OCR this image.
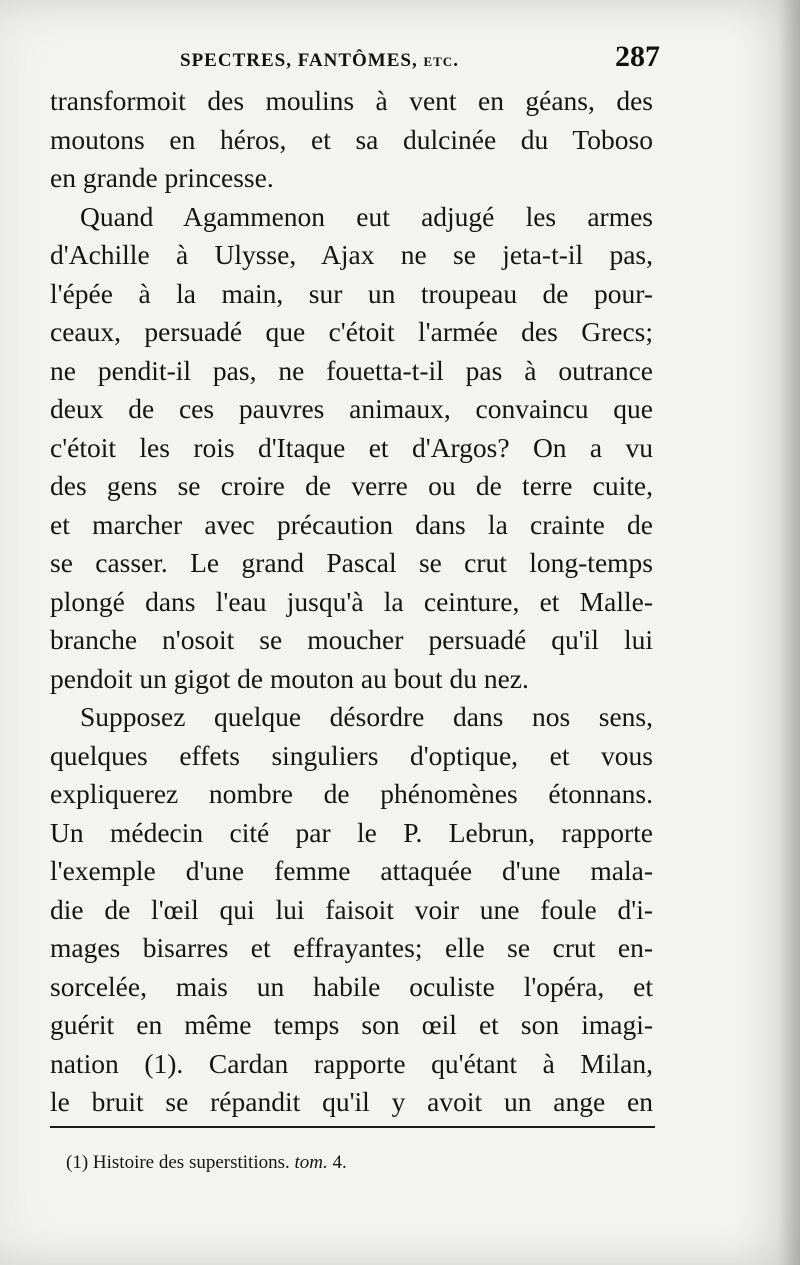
SPECTRES, FANTÔMES, etc.	287
transformoit des moulins à vent en géans, des
moutons en héros, et sa dulcinée du Toboso
en grande princesse.
Quand Agammenon eut adjugé les armes
d'Achille à Ulysse, Ajax ne se jeta-t-il pas,
l'épée à la main, sur un troupeau de pour-
ceaux, persuadé que c'étoit l'armée des Grecs;
ne pendit-il pas, ne fouetta-t-il pas à outrance
deux de ces pauvres animaux, convaincu que
c'étoit les rois d'Itaque et d'Argos? On a vu
des gens se croire de verre ou de terre cuite,
et marcher avec précaution dans la crainte de
se casser. Le grand Pascal se crut long-temps
plongé dans l'eau jusqu'à la ceinture, et Malle-
branche n'osoit se moucher persuadé qu'il lui
pendoit un gigot de mouton au bout du nez.
Supposez quelque désordre dans nos sens,
quelques effets singuliers d'optique, et vous
expliquerez nombre de phénomènes étonnans.
Un médecin cité par le P. Lebrun, rapporte
l'exemple d'une femme attaquée d'une mala-
die de l'œil qui lui faisoit voir une foule d'i-
mages bisarres et effrayantes; elle se crut en-
sorcelée, mais un habile oculiste l'opéra, et
guérit en même temps son œil et son imagi-
nation (1). Cardan rapporte qu'étant à Milan,
le bruit se répandit qu'il y avoit un ange en
(1) Histoire des superstitions. tom. 4.
